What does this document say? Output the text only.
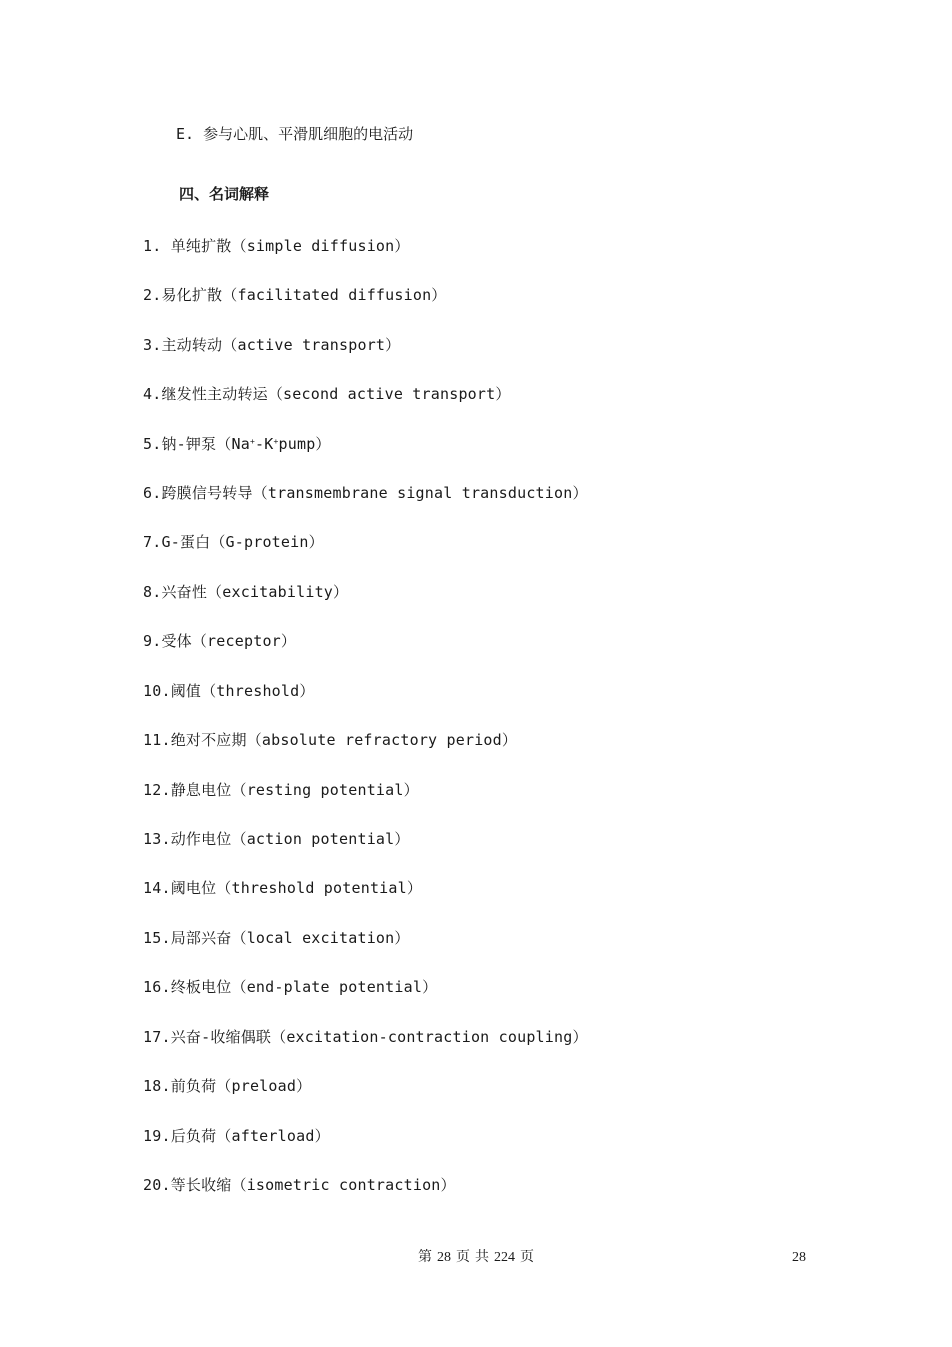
E. 参与心肌、平滑肌细胞的电活动
四、名词解释
1. 单纯扩散（simple diffusion）
2.易化扩散（facilitated diffusion）
3.主动转动（active transport）
4.继发性主动转运（second active transport）
5.钠-钾泵（Na+-K+pump）
6.跨膜信号转导（transmembrane signal transduction）
7.G-蛋白（G-protein）
8.兴奋性（excitability）
9.受体（receptor）
10.阈值（threshold）
11.绝对不应期（absolute refractory period）
12.静息电位（resting potential）
13.动作电位（action potential）
14.阈电位（threshold potential）
15.局部兴奋（local excitation）
16.终板电位（end-plate potential）
17.兴奋-收缩偶联（excitation-contraction coupling）
18.前负荷（preload）
19.后负荷（afterload）
20.等长收缩（isometric contraction）
第 28 页 共 224 页	28
